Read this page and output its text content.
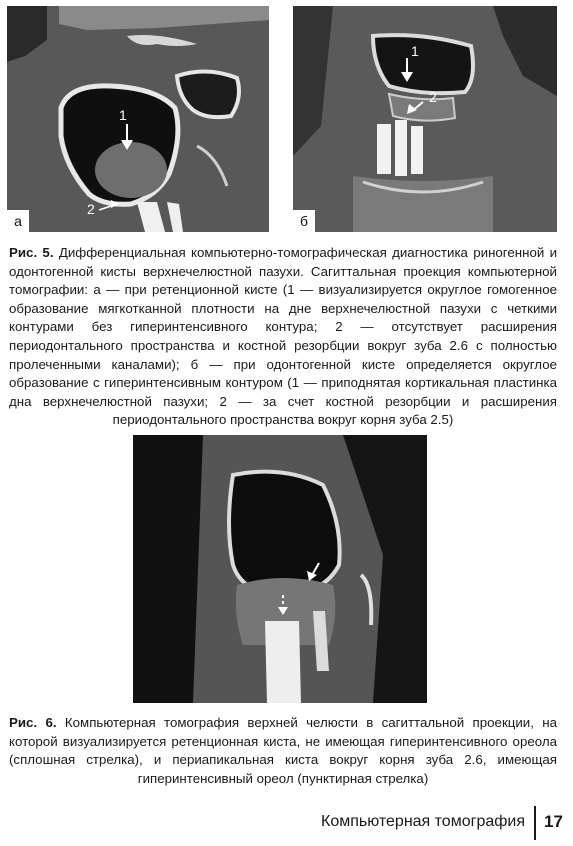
1
2
а
1
2
б

Рис. 5. Дифференциальная компьютерно-томографическая диагностика риногенной и одонтогенной кисты верхнечелюстной пазухи. Сагиттальная проекция компьютерной томографии: а — при ретенционной кисте (1 — визуализируется округлое гомогенное образование мягкотканной плотности на дне верхнечелюстной пазухи с четкими контурами без гиперинтенсивного контура; 2 — отсутствует расширения периодонтального пространства и костной резорбции вокруг зуба 2.6 с полностью пролеченными каналами); б — при одонтогенной кисте определяется округлое образование с гиперинтенсивным контуром (1 — приподнятая кортикальная пластинка дна верхнечелюстной пазухи; 2 — за счет костной резорбции и расширения периодонтального пространства вокруг корня зуба 2.5)

Рис. 6. Компьютерная томография верхней челюсти в сагиттальной проекции, на которой визуализируется ретенционная киста, не имеющая гиперинтенсивного ореола (сплошная стрелка), и периапикальная киста вокруг корня зуба 2.6, имеющая гиперинтенсивный ореол (пунктирная стрелка)

Компьютерная томография 17
